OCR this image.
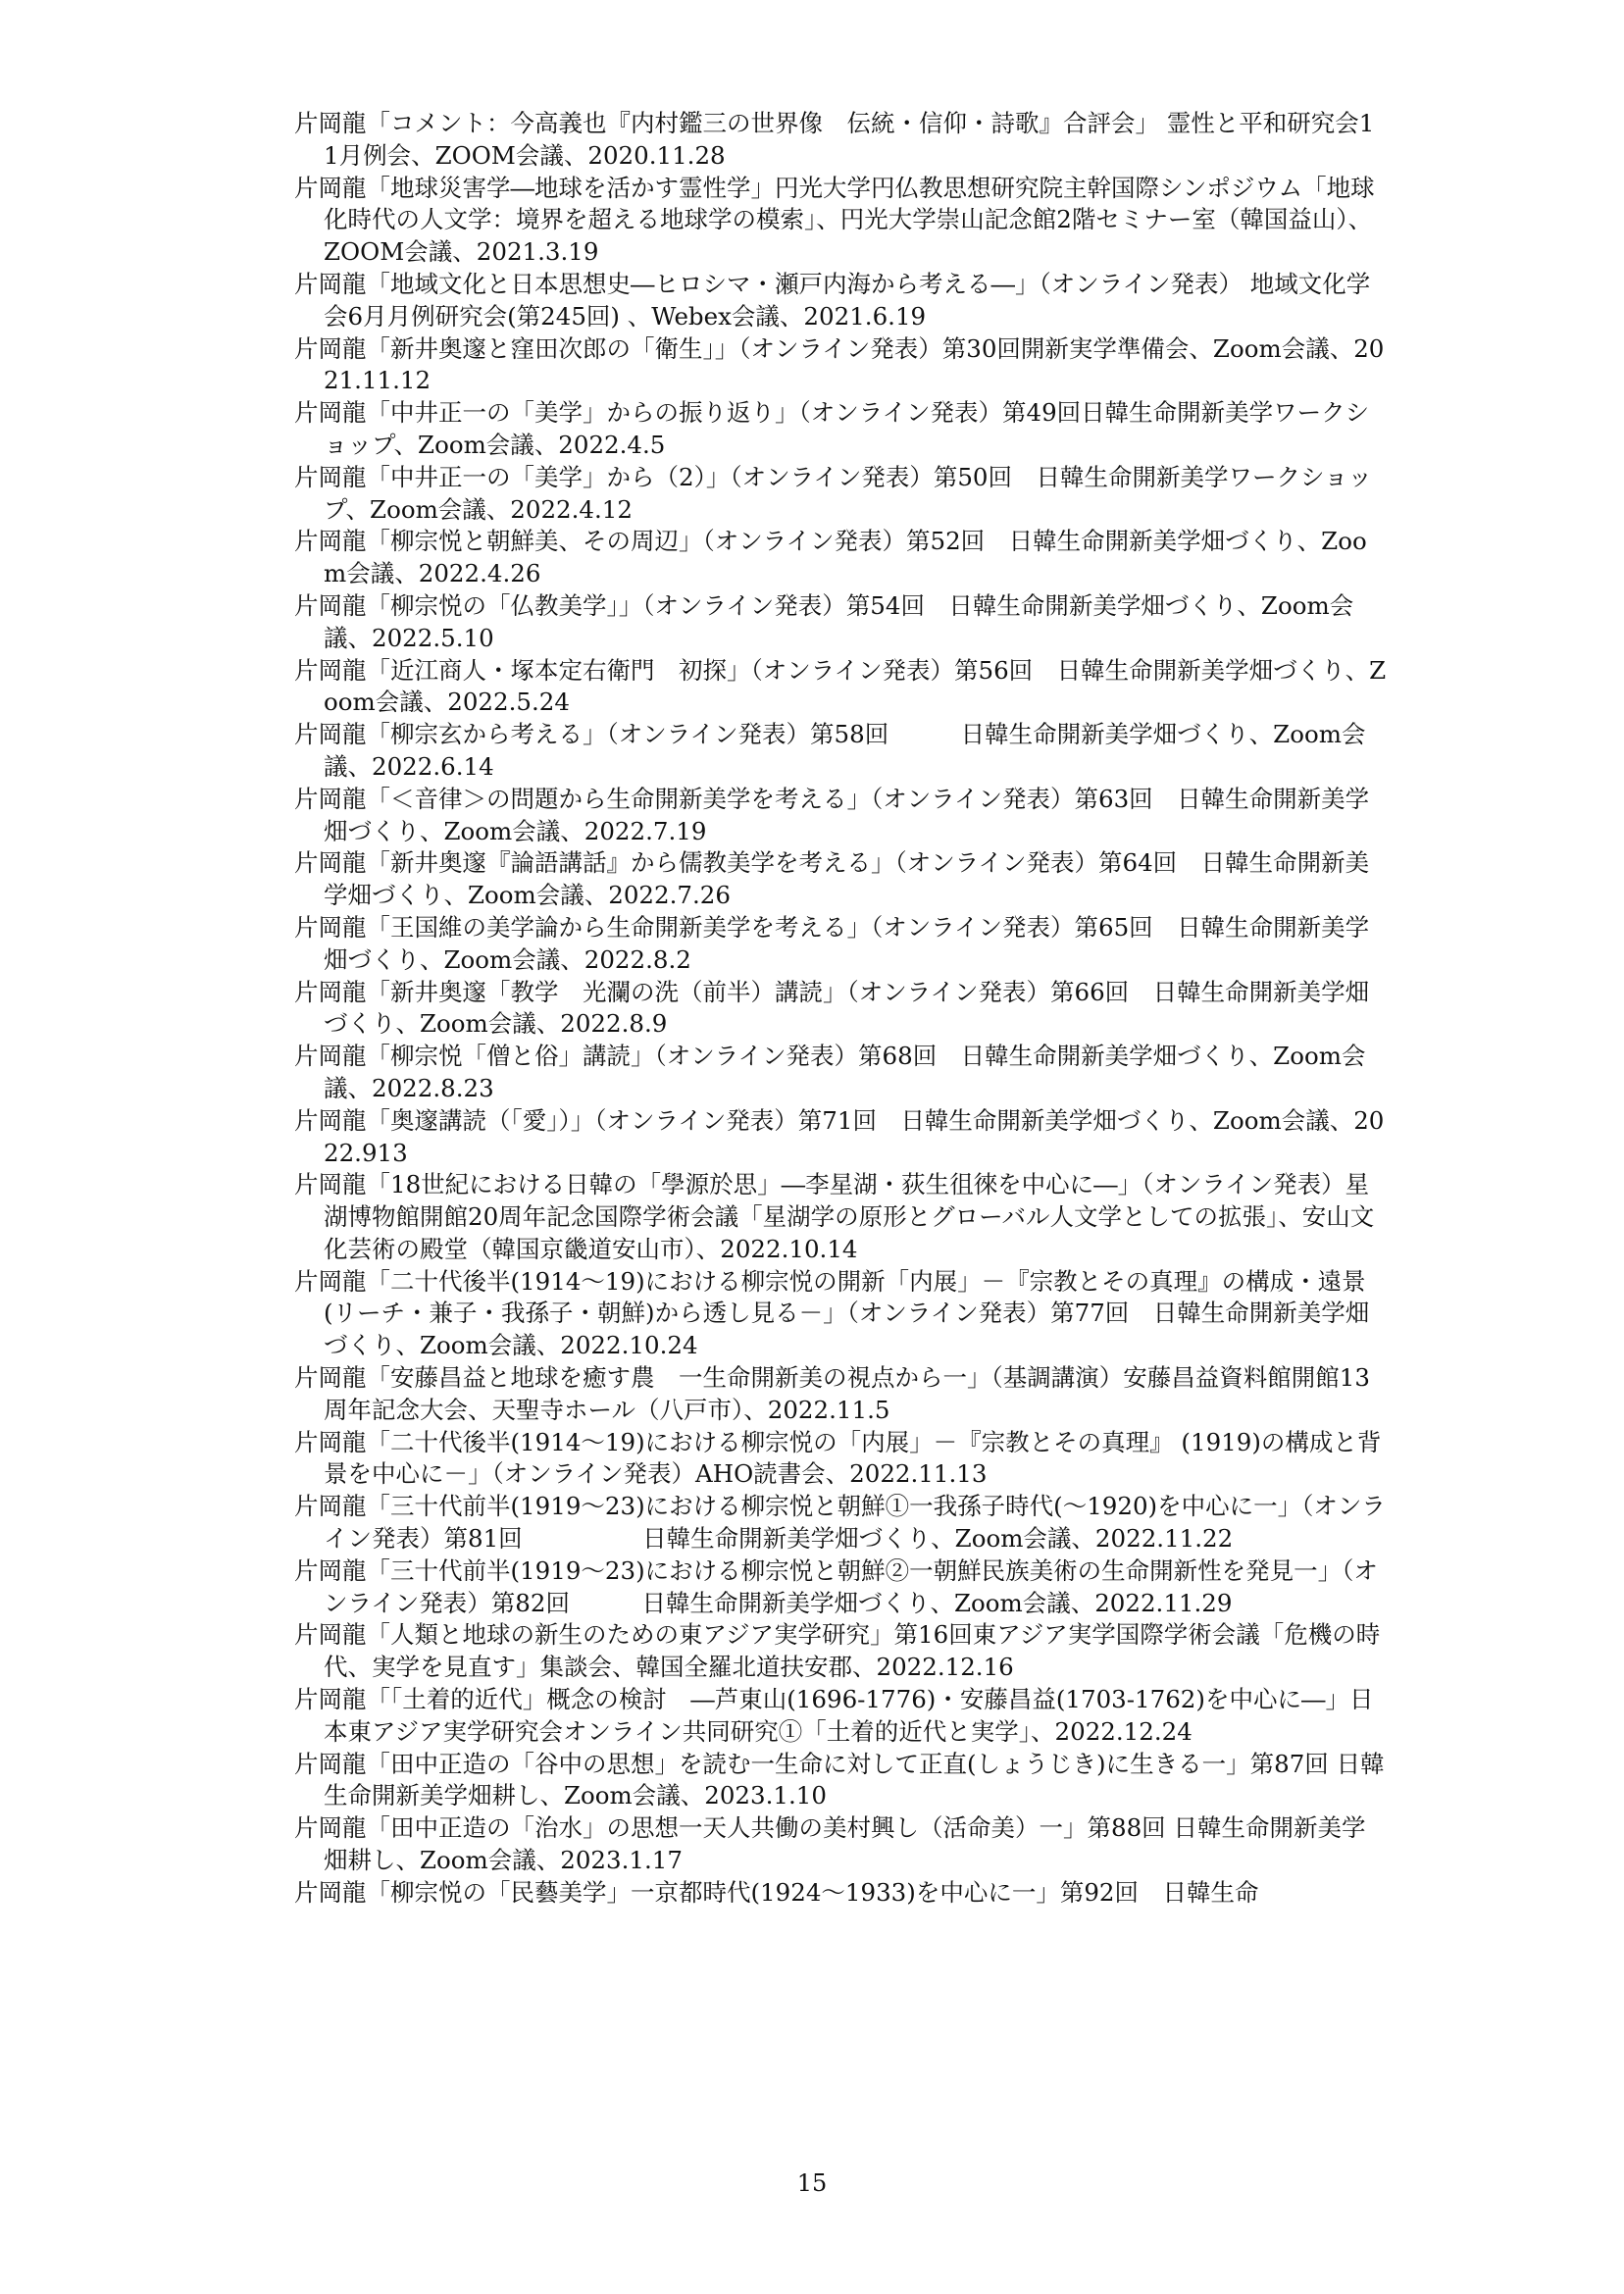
片岡龍「コメント：今高義也『内村鑑三の世界像　伝統・信仰・詩歌』合評会」 霊性と平和研究会11月例会、ZOOM会議、2020.11.28
片岡龍「地球災害学―地球を活かす霊性学」円光大学円仏教思想研究院主幹国際シンポジウム「地球化時代の人文学：境界を超える地球学の模索」、円光大学崇山記念館2階セミナー室（韓国益山）、ZOOM会議、2021.3.19
片岡龍「地域文化と日本思想史―ヒロシマ・瀬戸内海から考える―」（オンライン発表） 地域文化学会6月月例研究会(第245回) 、Webex会議、2021.6.19
片岡龍「新井奥邃と窪田次郎の「衛生」」（オンライン発表）第30回開新実学準備会、Zoom会議、2021.11.12
片岡龍「中井正一の「美学」からの振り返り」（オンライン発表）第49回日韓生命開新美学ワークショップ、Zoom会議、2022.4.5
片岡龍「中井正一の「美学」から（2）」（オンライン発表）第50回　日韓生命開新美学ワークショップ、Zoom会議、2022.4.12
片岡龍「柳宗悦と朝鮮美、その周辺」（オンライン発表）第52回　日韓生命開新美学畑づくり、Zoom会議、2022.4.26
片岡龍「柳宗悦の「仏教美学」」（オンライン発表）第54回　日韓生命開新美学畑づくり、Zoom会議、2022.5.10
片岡龍「近江商人・塚本定右衛門　初探」（オンライン発表）第56回　日韓生命開新美学畑づくり、Zoom会議、2022.5.24
片岡龍「柳宗玄から考える」（オンライン発表）第58回　　　日韓生命開新美学畑づくり、Zoom会議、2022.6.14
片岡龍「＜音律＞の問題から生命開新美学を考える」（オンライン発表）第63回　日韓生命開新美学畑づくり、Zoom会議、2022.7.19
片岡龍「新井奥邃『論語講話』から儒教美学を考える」（オンライン発表）第64回　日韓生命開新美学畑づくり、Zoom会議、2022.7.26
片岡龍「王国維の美学論から生命開新美学を考える」（オンライン発表）第65回　日韓生命開新美学畑づくり、Zoom会議、2022.8.2
片岡龍「新井奥邃「教学　光瀾の洗（前半）講読」（オンライン発表）第66回　日韓生命開新美学畑づくり、Zoom会議、2022.8.9
片岡龍「柳宗悦「僧と俗」講読」（オンライン発表）第68回　日韓生命開新美学畑づくり、Zoom会議、2022.8.23
片岡龍「奥邃講読（「愛」）」（オンライン発表）第71回　日韓生命開新美学畑づくり、Zoom会議、2022.913
片岡龍「18世紀における日韓の「學源於思」―李星湖・荻生徂徠を中心に―」（オンライン発表）星湖博物館開館20周年記念国際学術会議「星湖学の原形とグローバル人文学としての拡張」、安山文化芸術の殿堂（韓国京畿道安山市）、2022.10.14
片岡龍「二十代後半(1914～19)における柳宗悦の開新「内展」－『宗教とその真理』の構成・遠景(リーチ・兼子・我孫子・朝鮮)から透し見る－」（オンライン発表）第77回　日韓生命開新美学畑づくり、Zoom会議、2022.10.24
片岡龍「安藤昌益と地球を癒す農　一生命開新美の視点から一」（基調講演）安藤昌益資料館開館13周年記念大会、天聖寺ホール（八戸市）、2022.11.5
片岡龍「二十代後半(1914～19)における柳宗悦の「内展」－『宗教とその真理』 (1919)の構成と背景を中心に－」（オンライン発表）AHO読書会、2022.11.13
片岡龍「三十代前半(1919～23)における柳宗悦と朝鮮①一我孫子時代(～1920)を中心に一」（オンライン発表）第81回　　　　　日韓生命開新美学畑づくり、Zoom会議、2022.11.22
片岡龍「三十代前半(1919～23)における柳宗悦と朝鮮②一朝鮮民族美術の生命開新性を発見一」（オンライン発表）第82回　　　日韓生命開新美学畑づくり、Zoom会議、2022.11.29
片岡龍「人類と地球の新生のための東アジア実学研究」第16回東アジア実学国際学術会議「危機の時代、実学を見直す」集談会、韓国全羅北道扶安郡、2022.12.16
片岡龍「「土着的近代」概念の検討　―芦東山(1696-1776)・安藤昌益(1703-1762)を中心に―」日本東アジア実学研究会オンライン共同研究①「土着的近代と実学」、2022.12.24
片岡龍「田中正造の「谷中の思想」を読む一生命に対して正直(しょうじき)に生きる一」第87回 日韓生命開新美学畑耕し、Zoom会議、2023.1.10
片岡龍「田中正造の「治水」の思想一天人共働の美村興し（活命美）一」第88回 日韓生命開新美学畑耕し、Zoom会議、2023.1.17
片岡龍「柳宗悦の「民藝美学」一京都時代(1924～1933)を中心に一」第92回　日韓生命
15
